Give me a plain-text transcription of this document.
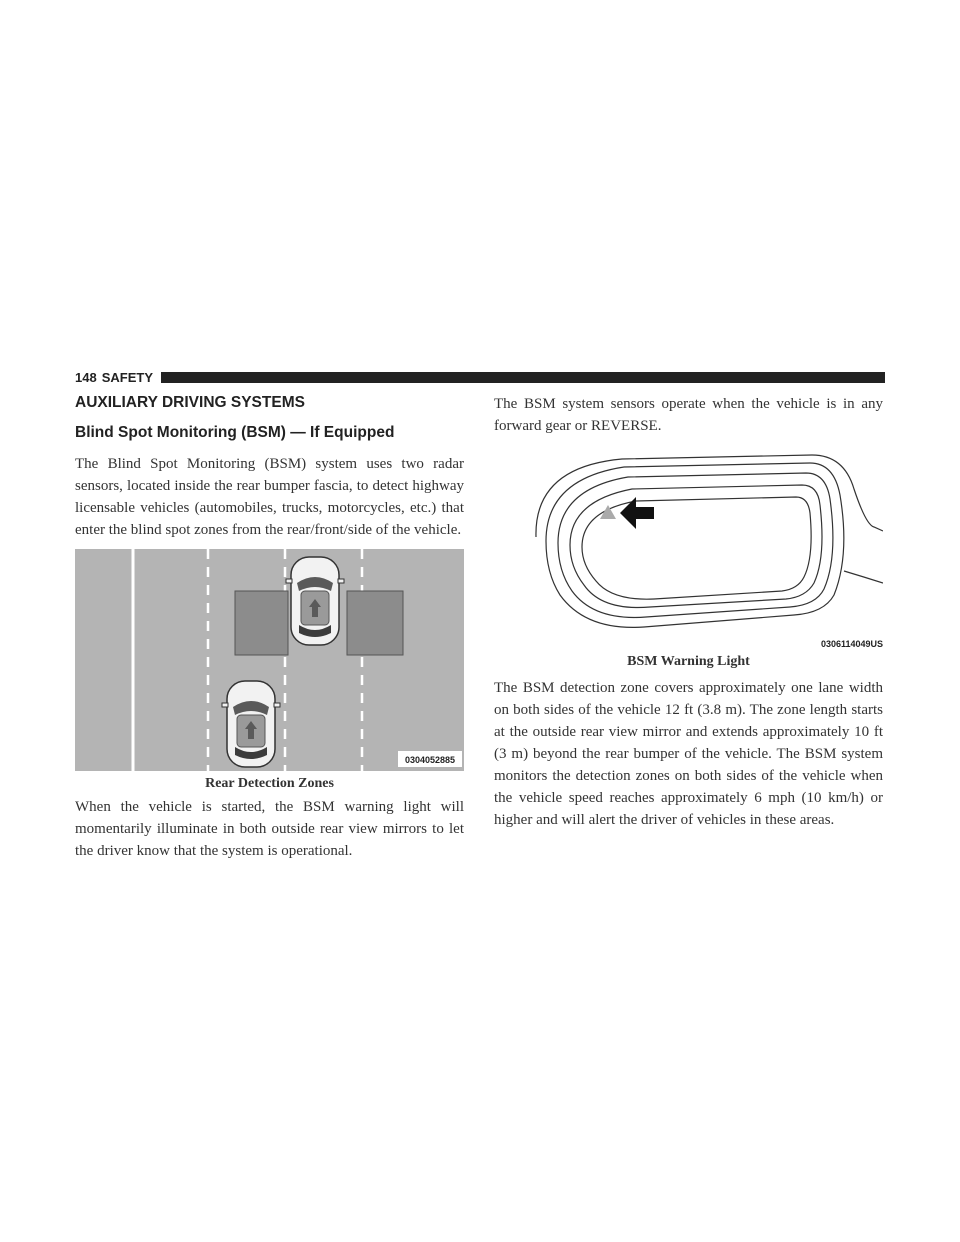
148 SAFETY
AUXILIARY DRIVING SYSTEMS
Blind Spot Monitoring (BSM) — If Equipped

The Blind Spot Monitoring (BSM) system uses two radar sensors, located inside the rear bumper fascia, to detect highway licensable vehicles (automobiles, trucks, motorcycles, etc.) that enter the blind spot zones from the rear/front/side of the vehicle.

0304052885
Rear Detection Zones

When the vehicle is started, the BSM warning light will momentarily illuminate in both outside rear view mirrors to let the driver know that the system is operational.

The BSM system sensors operate when the vehicle is in any forward gear or REVERSE.

0306114049US
BSM Warning Light

The BSM detection zone covers approximately one lane width on both sides of the vehicle 12 ft (3.8 m). The zone length starts at the outside rear view mirror and extends approximately 10 ft (3 m) beyond the rear bumper of the vehicle. The BSM system monitors the detection zones on both sides of the vehicle when the vehicle speed reaches approximately 6 mph (10 km/h) or higher and will alert the driver of vehicles in these areas.
